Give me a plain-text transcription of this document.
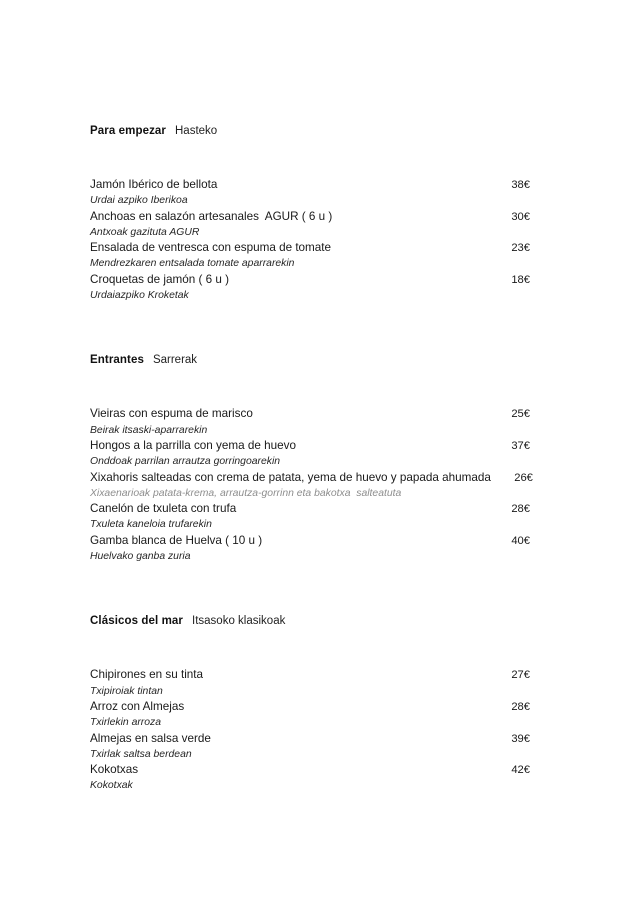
Para empezar Hasteko
Jamón Ibérico de bellota	38€
Urdai azpiko Iberikoa
Anchoas en salazón artesanales  AGUR ( 6 u )	30€
Antxoak gazituta AGUR
Ensalada de ventresca con espuma de tomate	23€
Mendrezkaren entsalada tomate aparrarekin
Croquetas de jamón ( 6 u )	18€
Urdaiazpiko Kroketak
Entrantes Sarrerak
Vieiras con espuma de marisco	25€
Beirak itsaski-aparrarekin
Hongos a la parrilla con yema de huevo	37€
Onddoak parrilan arrautza gorringoarekin
Xixahoris salteadas con crema de patata, yema de huevo y papada ahumada	26€
Xixaenarioak patata-krema, arrautza-gorrinn eta bakotxa  salteatuta
Canelón de txuleta con trufa	28€
Txuleta kaneloia trufarekin
Gamba blanca de Huelva ( 10 u )	40€
Huelvako ganba zuria
Clásicos del mar Itsasoko klasikoak
Chipirones en su tinta	27€
Txipiroiak tintan
Arroz con Almejas	28€
Txirlekin arroza
Almejas en salsa verde	39€
Txirlak saltsa berdean
Kokotxas	42€
Kokotxak
